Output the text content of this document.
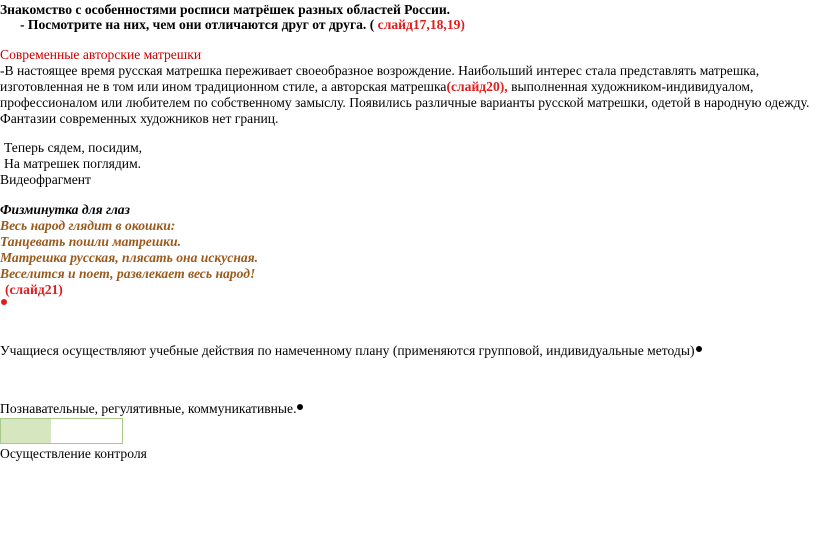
Знакомство с особенностями росписи матрёшек разных областей России.
- Посмотрите на них, чем они отличаются друг от друга. ( слайд17,18,19)
Современные авторские матрешки
-В настоящее время русская матрешка переживает своеобразное возрождение. Наибольший интерес стала представлять матрешка,
изготовленная не в том или ином традиционном стиле, а авторская матрешка(слайд20), выполненная художником-индивидуалом,
профессионалом или любителем по собственному замыслу. Появились различные варианты русской матрешки, одетой в народную одежду.
Фантазии современных художников нет границ.
Теперь сядем, посидим,
На матрешек поглядим.
Видеофрагмент
Физминутка для глаз
Весь народ глядит в окошки:
Танцевать пошли матрешки.
Матрешка русская, плясать она искусная.
Веселится и поет, развлекает весь народ!
(слайд21)
Учащиеся осуществляют учебные действия по намеченному плану (применяются групповой, индивидуальные методы)
Познавательные, регулятивные, коммуникативные.
Осуществление контроля
